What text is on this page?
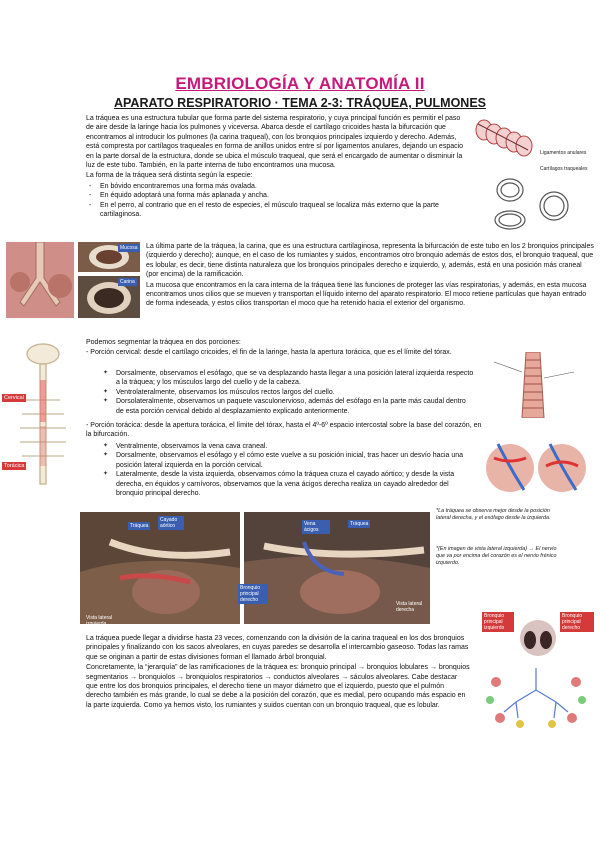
EMBRIOLOGÍA Y ANATOMÍA II
APARATO RESPIRATORIO · TEMA 2-3: TRÁQUEA, PULMONES

La tráquea es una estructura tubular que forma parte del sistema respiratorio, y cuya principal función es permitir el paso de aire desde la laringe hacia los pulmones y viceversa. Abarca desde el cartílago cricoides hasta la bifurcación que encontramos al introducir los pulmones (la carina traqueal), con los bronquios principales izquierdo y derecho. Además, está compresta por cartílagos traqueales en forma de anillos unidos entre sí por ligamentos anulares, dejando un espacio en la parte dorsal de la estructura, donde se ubica el músculo traqueal, que será el encargado de aumentar o disminuir la luz de este tubo. También, en la parte interna de tubo encontramos una mucosa.

La forma de la tráquea será distinta según la especie:

- En bóvido encontraremos una forma más ovalada.
- En équido adoptará una forma más aplanada y ancha.
- En el perro, al contrario que en el resto de especies, el músculo traqueal se localiza más externo que la parte cartilaginosa.
Ligamentos anulares
Cartílagos traqueales
Mucosa
Carina

La última parte de la tráquea, la carina, que es una estructura cartilaginosa, representa la bifurcación de este tubo en los 2 bronquios principales (izquierdo y derecho); aunque, en el caso de los rumiantes y suidos, encontramos otro bronquio además de estos dos, el bronquio traqueal, que es lobular, es decir, tiene distinta naturaleza que los bronquios principales derecho e izquierdo, y, además, está en una posición más craneal (por encima) de la ramificación.

La mucosa que encontramos en la cara interna de la tráquea tiene las funciones de proteger las vías respiratorias, y además, en esta mucosa encontramos unos cilios que se mueven y transportan el líquido interno del aparato respiratorio. El moco retiene partículas que hayan entrado de forma indeseada, y estos cilios transportan el moco que ha retenido hacia el exterior del organismo.

Podemos segmentar la tráquea en dos porciones:
- Porción cervical: desde el cartílago cricoides, el fin de la laringe, hasta la apertura torácica, que es el límite del tórax.
✦ Dorsalmente, observamos el esófago, que se va desplazando hasta llegar a una posición lateral izquierda respecto a la tráquea; y los músculos largo del cuello y de la cabeza.
✦ Ventrolateralmente, observamos los músculos rectos largos del cuello.
✦ Dorsolateralmente, observamos un paquete vasculonervioso, además del esófago en la parte más caudal dentro de esta porción cervical debido al desplazamiento explicado anteriormente.
- Porción torácica: desde la apertura torácica, el límite del tórax, hasta el 4º-6º espacio intercostal sobre la base del corazón, en la bifurcación.
✦ Ventralmente, observamos la vena cava craneal.
✦ Dorsalmente, observamos el esófago y el cómo este vuelve a su posición inicial, tras hacer un desvío hacia una posición lateral izquierda en la porción cervical.
✦ Lateralmente, desde la vista izquierda, observamos cómo la tráquea cruza el cayado aórtico; y desde la vista derecha, en équidos y carnívoros, observamos que la vena ácigos derecha realiza un cayado alrededor del bronquio principal derecho.
Cervical
Torácica
Tráquea
Cayado aórtico
Vista lateral izquierda
Vena ácigos
Bronquio principal derecho
Tráquea
Vista lateral derecha
*La tráquea se observa mejor desde la posición lateral derecha, y el esófago desde la izquierda.
*(En imagen de vista lateral izquierda) → El nervio que va por encima del corazón es el nervio frénico izquierdo.

La tráquea puede llegar a dividirse hasta 23 veces, comenzando con la división de la carina traqueal en los dos bronquios principales y finalizando con los sacos alveolares, en cuyas paredes se desarrolla el intercambio gaseoso. Todas las ramas que se originan a partir de estas divisiones forman el llamado árbol bronquial.

Concretamente, la “jerarquía” de las ramificaciones de la tráquea es: bronquio principal → bronquios lobulares → bronquios segmentarios → bronquiolos → bronquiolos respiratorios → conductos alveolares → sáculos alveolares. Cabe destacar que entre los dos bronquios principales, el derecho tiene un mayor diámetro que el izquierdo, puesto que el pulmón derecho también es más grande, lo cual se debe a la posición del corazón, que es medial, pero ocupando más espacio en la parte izquierda. Como ya hemos visto, los rumiantes y suidos cuentan con un bronquio traqueal, que es lobular.

Bronquio principal izquierdo
Bronquio principal derecho
